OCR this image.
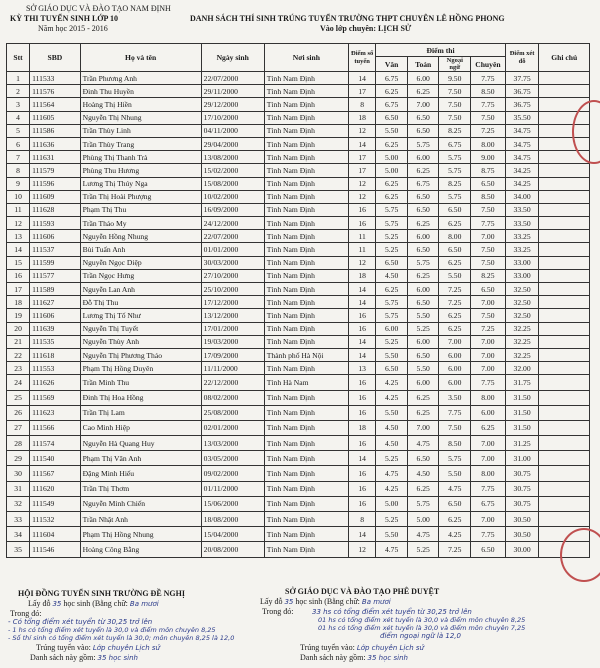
SỞ GIÁO DỤC VÀ ĐÀO TẠO NAM ĐỊNH
KỲ THI TUYỂN SINH LỚP 10
Năm học 2015 - 2016
DANH SÁCH THÍ SINH TRÚNG TUYỂN TRƯỜNG THPT CHUYÊN LÊ HỒNG PHONG
Vào lớp chuyên: LỊCH SỬ
Stt	SBD	Họ và tên	Ngày sinh	Nơi sinh	Điểm số tuyển	Điểm thi				Điểm xét đỗ	Ghi chú
						Văn	Toán	Ngoại ngữ	Chuyên		
1	111533	Trần Phương Anh	22/07/2000	Tỉnh Nam Định	14	6.75	6.00	9.50	7.75	37.75	
2	111576	Đinh Thu Huyền	29/11/2000	Tỉnh Nam Định	17	6.25	6.25	7.50	8.50	36.75	
3	111564	Hoàng Thị Hiền	29/12/2000	Tỉnh Nam Định	8	6.75	7.00	7.50	7.75	36.75	
4	111605	Nguyễn Thị Nhung	17/10/2000	Tỉnh Nam Định	18	6.50	6.50	7.50	7.50	35.50	
5	111586	Trần Thùy Linh	04/11/2000	Tỉnh Nam Định	12	5.50	6.50	8.25	7.25	34.75	
6	111636	Trần Thùy Trang	29/04/2000	Tỉnh Nam Định	14	6.25	5.75	6.75	8.00	34.75	
7	111631	Phùng Thị Thanh Trà	13/08/2000	Tỉnh Nam Định	17	5.00	6.00	5.75	9.00	34.75	
8	111579	Phùng Thu Hương	15/02/2000	Tỉnh Nam Định	17	5.00	6.25	5.75	8.75	34.25	
9	111596	Lương Thị Thúy Nga	15/08/2000	Tỉnh Nam Định	12	6.25	6.75	8.25	6.50	34.25	
10	111609	Trần Thị Hoài Phượng	10/02/2000	Tỉnh Nam Định	12	6.25	6.50	5.75	8.50	34.00	
11	111628	Phạm Thị Thu	16/09/2000	Tỉnh Nam Định	16	5.75	6.50	6.50	7.50	33.50	
12	111593	Trần Thảo My	24/12/2000	Tỉnh Nam Định	16	5.75	6.25	6.25	7.75	33.50	
13	111606	Nguyễn Hồng Nhung	22/07/2000	Tỉnh Nam Định	11	5.25	6.00	8.00	7.00	33.25	
14	111537	Bùi Tuấn Anh	01/01/2000	Tỉnh Nam Định	11	5.25	6.50	6.50	7.50	33.25	
15	111599	Nguyễn Ngọc Diệp	30/03/2000	Tỉnh Nam Định	12	6.50	5.75	6.25	7.50	33.00	
16	111577	Trần Ngọc Hưng	27/10/2000	Tỉnh Nam Định	18	4.50	6.25	5.50	8.25	33.00	
17	111589	Nguyễn Lan Anh	25/10/2000	Tỉnh Nam Định	14	6.25	6.00	7.25	6.50	32.50	
18	111627	Đỗ Thị Thu	17/12/2000	Tỉnh Nam Định	14	5.75	6.50	7.25	7.00	32.50	
19	111606	Lương Thị Tố Như	13/12/2000	Tỉnh Nam Định	16	5.75	5.50	6.25	7.50	32.50	
20	111639	Nguyễn Thị Tuyết	17/01/2000	Tỉnh Nam Định	16	6.00	5.25	6.25	7.25	32.25	
21	111535	Nguyễn Thùy Anh	19/03/2000	Tỉnh Nam Định	14	5.25	6.00	7.00	7.00	32.25	
22	111618	Nguyễn Thị Phương Thảo	17/09/2000	Thành phố Hà Nội	14	5.50	6.50	6.00	7.00	32.25	
23	111553	Phạm Thị Hồng Duyên	11/11/2000	Tỉnh Nam Định	13	6.50	5.50	6.00	7.00	32.00	
24	111626	Trần Minh Thu	22/12/2000	Tỉnh Hà Nam	16	4.25	6.00	6.00	7.75	31.75	
25	111569	Đinh Thị Hoa Hồng	08/02/2000	Tỉnh Nam Định	16	4.25	6.25	3.50	8.00	31.50	
26	111623	Trần Thị Lam	25/08/2000	Tỉnh Nam Định	16	5.50	6.25	7.75	6.00	31.50	
27	111566	Cao Minh Hiệp	02/01/2000	Tỉnh Nam Định	18	4.50	7.00	7.50	6.25	31.50	
28	111574	Nguyễn Hà Quang Huy	13/03/2000	Tỉnh Nam Định	16	4.50	4.75	8.50	7.00	31.25	
29	111540	Phạm Thị Vân Anh	03/05/2000	Tỉnh Nam Định	14	5.25	6.50	5.75	7.00	31.00	
30	111567	Đặng Minh Hiếu	09/02/2000	Tỉnh Nam Định	16	4.75	4.50	5.50	8.00	30.75	
31	111620	Trần Thị Thơm	01/11/2000	Tỉnh Nam Định	16	4.25	6.25	4.75	7.75	30.75	
32	111549	Nguyễn Minh Chiến	15/06/2000	Tỉnh Nam Định	16	5.00	5.75	6.50	6.75	30.75	
33	111532	Trần Nhật Anh	18/08/2000	Tỉnh Nam Định	8	5.25	5.00	6.25	7.00	30.50	
34	111604	Phạm Thị Hồng Nhung	15/04/2000	Tỉnh Nam Định	14	5.50	4.75	4.25	7.75	30.50	
35	111546	Hoàng Công Bằng	20/08/2000	Tỉnh Nam Định	12	4.75	5.25	7.25	6.50	30.00	
HỘI ĐỒNG TUYỂN SINH TRƯỜNG ĐỀ NGHỊ	SỞ GIÁO DỤC VÀ ĐÀO TẠO PHÊ DUYỆT
Lấy đỗ 35 học sinh (Bằng chữ: Ba mươi	Lấy đỗ 35 học sinh (Bằng chữ: Ba mươi
Trong đó:
- Có tổng điểm xét tuyển từ 30,25 trở lên
- 1 hs có tổng điểm xét tuyển là 30,0 và điểm môn chuyên 8,25
- Số thí sinh có tổng điểm xét tuyển là 30,0; môn chuyên 8,25 là 12,0
Trong đó:	33 hs có tổng điểm xét tuyển từ 30,25 trở lên
01 hs có tổng điểm xét tuyển là 30,0 và điểm môn chuyên 8,25
01 hs có tổng điểm xét tuyển là 30,0 và điểm môn chuyên 7,25
điểm ngoại ngữ là 12,0
Trúng tuyển vào: Lớp chuyên Lịch sử
Danh sách này gồm: 35 học sinh
Trúng tuyển vào: Lớp chuyên Lịch sử
Danh sách này gồm: 35 học sinh
